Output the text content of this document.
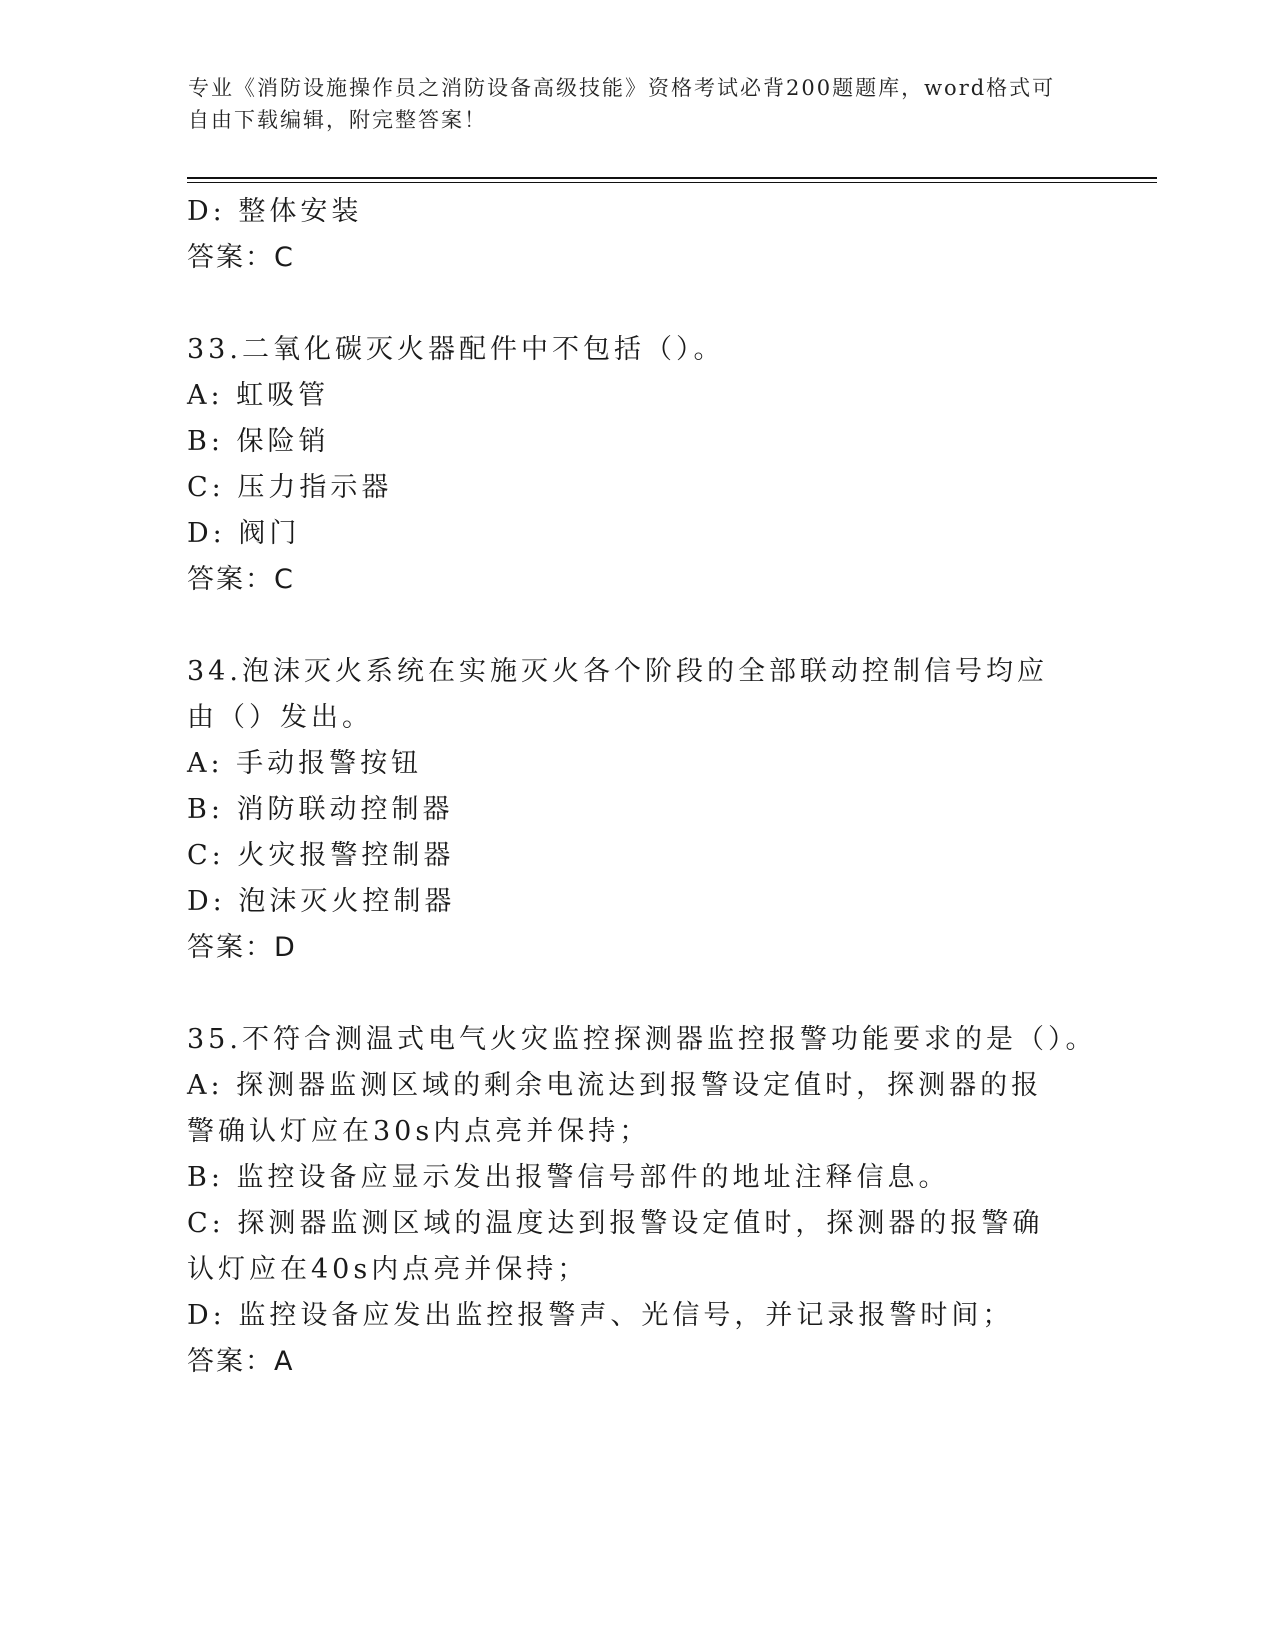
专业《消防设施操作员之消防设备高级技能》资格考试必背200题题库，word格式可自由下载编辑，附完整答案！
D: 整体安装
答案：C
33.二氧化碳灭火器配件中不包括（）。
A: 虹吸管
B: 保险销
C: 压力指示器
D: 阀门
答案：C
34.泡沫灭火系统在实施灭火各个阶段的全部联动控制信号均应由（）发出。
A: 手动报警按钮
B: 消防联动控制器
C: 火灾报警控制器
D: 泡沫灭火控制器
答案：D
35.不符合测温式电气火灾监控探测器监控报警功能要求的是（）。
A: 探测器监测区域的剩余电流达到报警设定值时，探测器的报警确认灯应在30s内点亮并保持；
B: 监控设备应显示发出报警信号部件的地址注释信息。
C: 探测器监测区域的温度达到报警设定值时，探测器的报警确认灯应在40s内点亮并保持；
D: 监控设备应发出监控报警声、光信号，并记录报警时间；
答案：A
